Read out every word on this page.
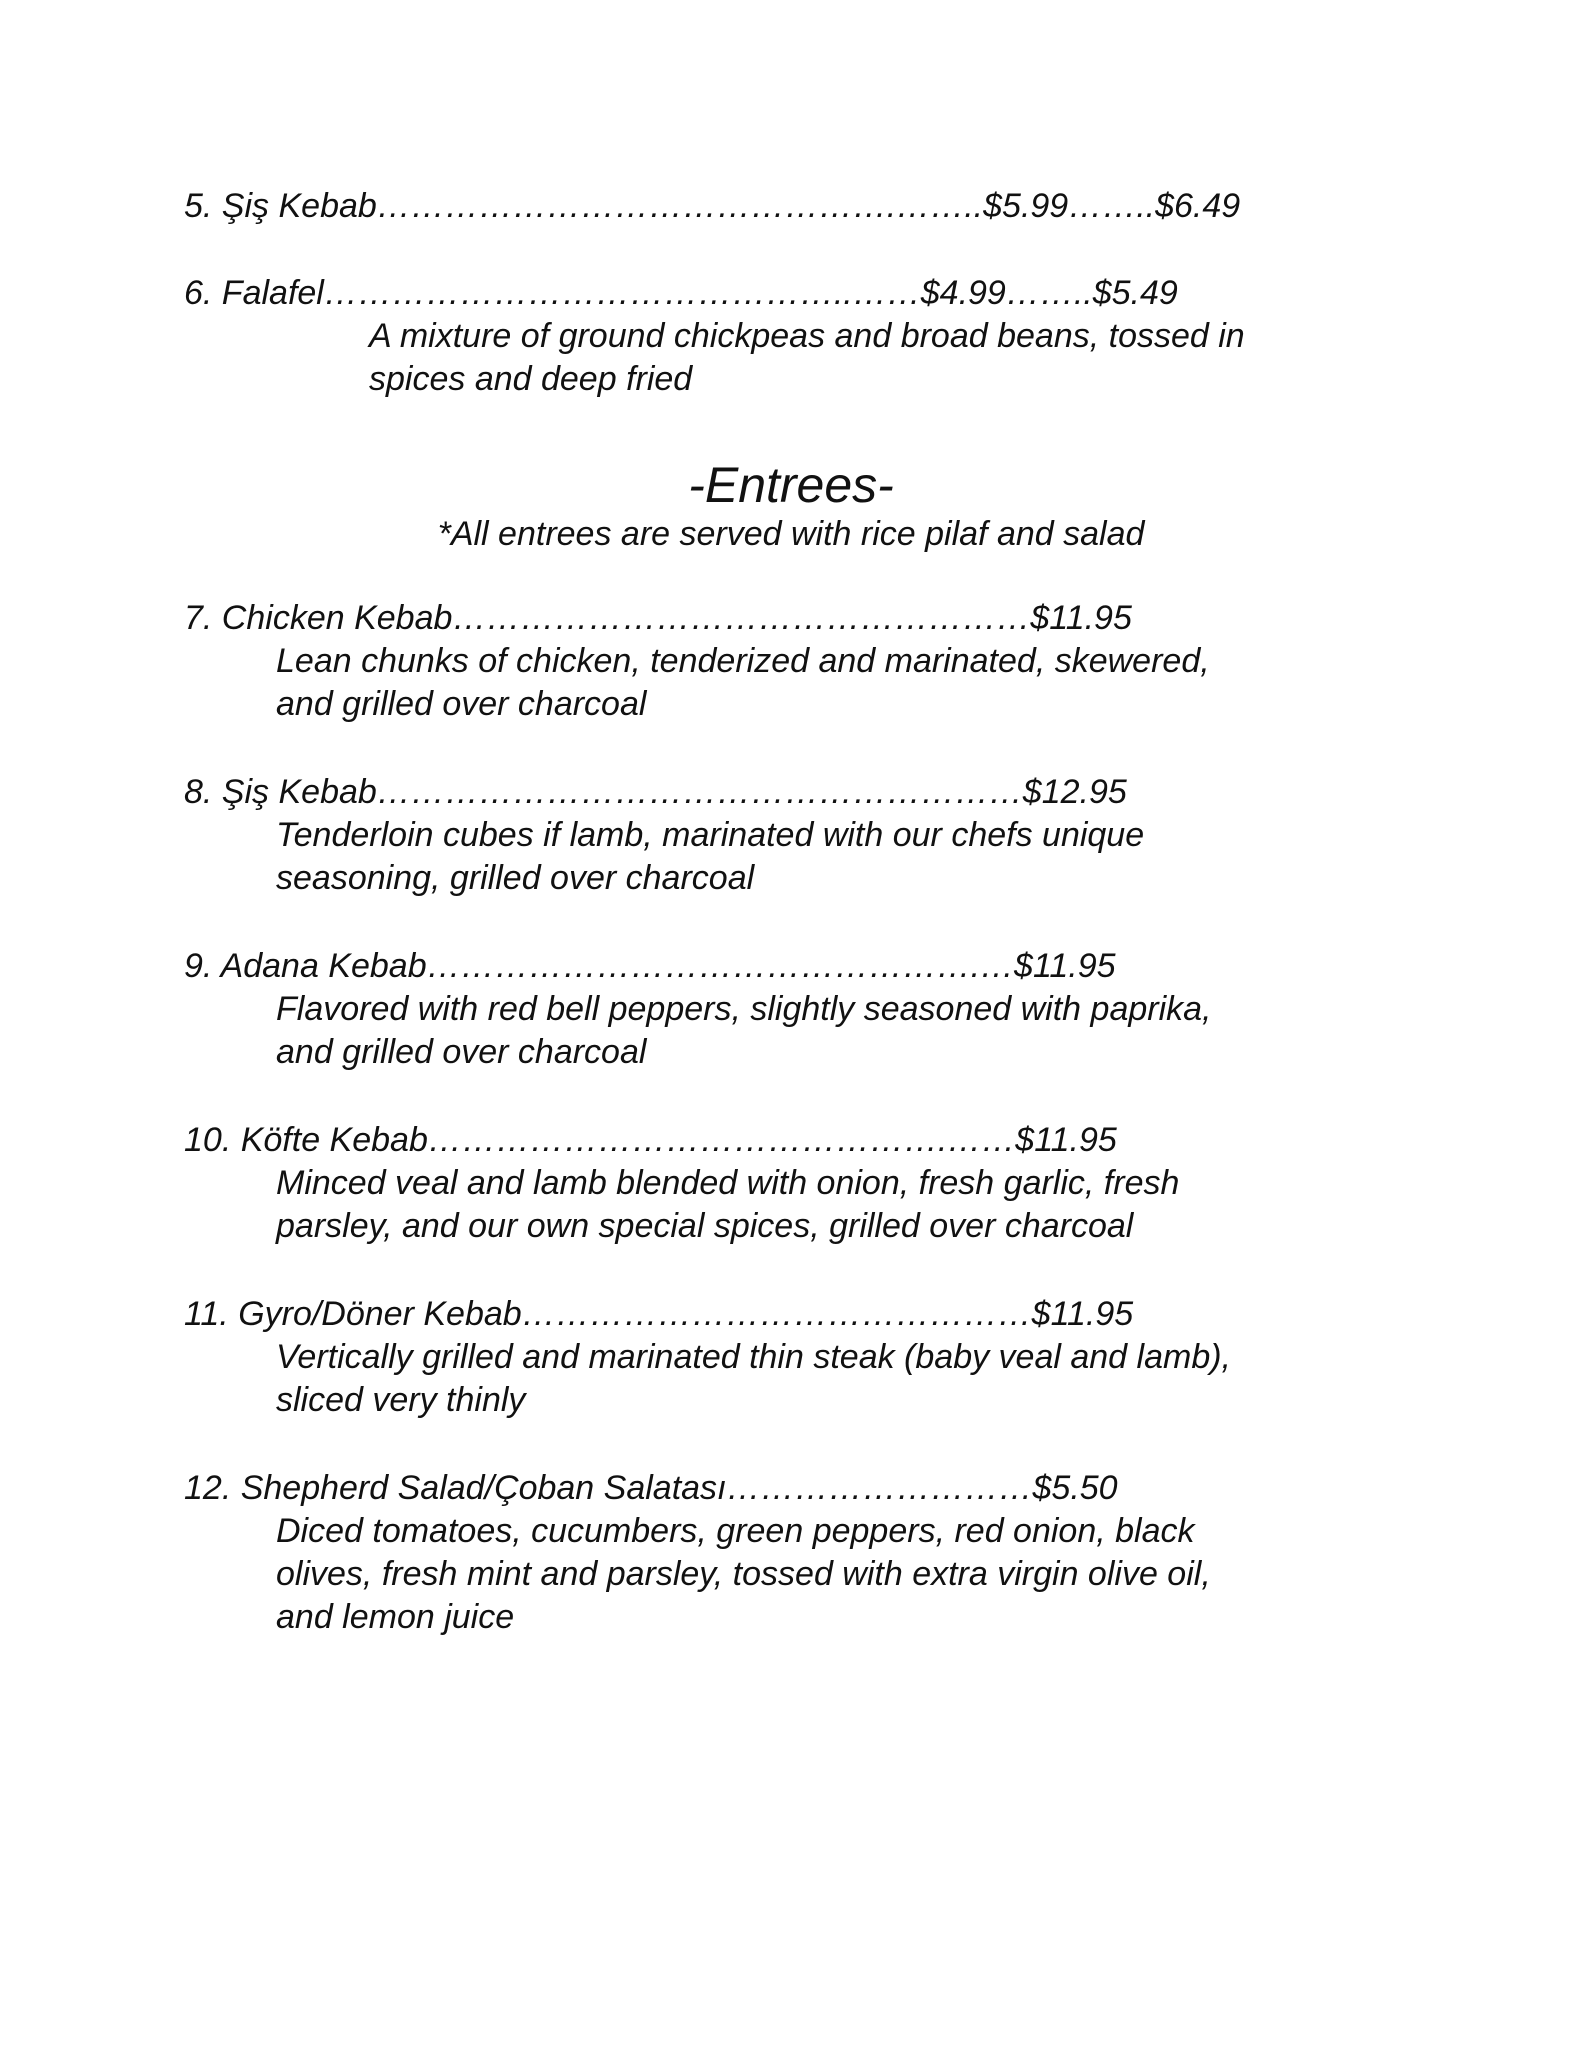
5. Şiş Kebab……………………………………….……..$5.99……..$6.49
6. Falafel………………………………………..……$4.99……..$5.49
A mixture of ground chickpeas and broad beans, tossed in
spices and deep fried
-Entrees-
*All entrees are served with rice pilaf and salad
7. Chicken Kebab……………………………………………$11.95
Lean chunks of chicken, tenderized and marinated, skewered,
and grilled over charcoal
8. Şiş Kebab…………………………………………………$12.95
Tenderloin cubes if lamb, marinated with our chefs unique
seasoning, grilled over charcoal
9. Adana Kebab………………………………………….…$11.95
Flavored with red bell peppers, slightly seasoned with paprika,
and grilled over charcoal
10. Köfte Kebab……………………………………….……$11.95
Minced veal and lamb blended with onion, fresh garlic, fresh
parsley, and our own special spices, grilled over charcoal
11. Gyro/Döner Kebab………………………………………$11.95
Vertically grilled and marinated thin steak (baby veal and lamb),
sliced very thinly
12. Shepherd Salad/Çoban Salatası………………………$5.50
Diced tomatoes, cucumbers, green peppers, red onion, black
olives, fresh mint and parsley, tossed with extra virgin olive oil,
and lemon juice
